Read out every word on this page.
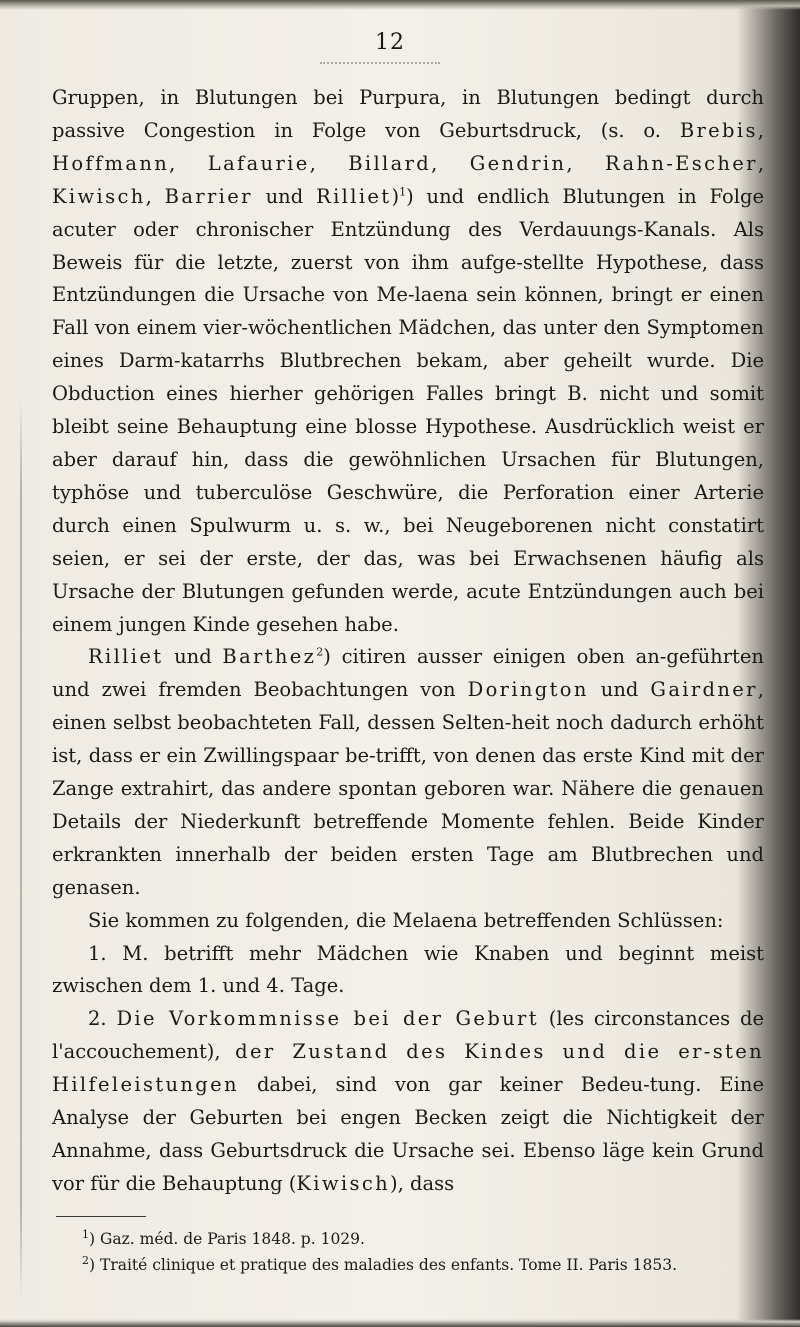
12

Gruppen, in Blutungen bei Purpura, in Blutungen bedingt durch passive Congestion in Folge von Geburtsdruck, (s. o. Brebis, Hoffmann, Lafaurie, Billard, Gendrin, Rahn-Escher, Kiwisch, Barrier und Rilliet)$^1$) und endlich Blutungen in Folge acuter oder chronischer Entzündung des Verdauungs-Kanals. Als Beweis für die letzte, zuerst von ihm aufge-stellte Hypothese, dass Entzündungen die Ursache von Me-laena sein können, bringt er einen Fall von einem vier-wöchentlichen Mädchen, das unter den Symptomen eines Darm-katarrhs Blutbrechen bekam, aber geheilt wurde. Die Obduction eines hierher gehörigen Falles bringt B. nicht und somit bleibt seine Behauptung eine blosse Hypothese. Ausdrücklich weist er aber darauf hin, dass die gewöhnlichen Ursachen für Blutungen, typhöse und tuberculöse Geschwüre, die Perforation einer Arterie durch einen Spulwurm u. s. w., bei Neugeborenen nicht constatirt seien, er sei der erste, der das, was bei Erwachsenen häufig als Ursache der Blutungen gefunden werde, acute Entzündungen auch bei einem jungen Kinde gesehen habe.

Rilliet und Barthez$^2$) citiren ausser einigen oben an-geführten und zwei fremden Beobachtungen von Dorington und Gairdner, einen selbst beobachteten Fall, dessen Selten-heit noch dadurch erhöht ist, dass er ein Zwillingspaar be-trifft, von denen das erste Kind mit der Zange extrahirt, das andere spontan geboren war. Nähere die genauen Details der Niederkunft betreffende Momente fehlen. Beide Kinder erkrankten innerhalb der beiden ersten Tage am Blutbrechen und genasen.

Sie kommen zu folgenden, die Melaena betreffenden Schlüssen:

1. M. betrifft mehr Mädchen wie Knaben und beginnt meist zwischen dem 1. und 4. Tage.

2. Die Vorkommnisse bei der Geburt (les circonstances de l'accouchement), der Zustand des Kindes und die er-sten Hilfeleistungen dabei, sind von gar keiner Bedeu-tung. Eine Analyse der Geburten bei engen Becken zeigt die Nichtigkeit der Annahme, dass Geburtsdruck die Ursache sei. Ebenso läge kein Grund vor für die Behauptung (Kiwisch), dass

$^1$) Gaz. méd. de Paris 1848. p. 1029.

$^2$) Traité clinique et pratique des maladies des enfants. Tome II. Paris 1853.
